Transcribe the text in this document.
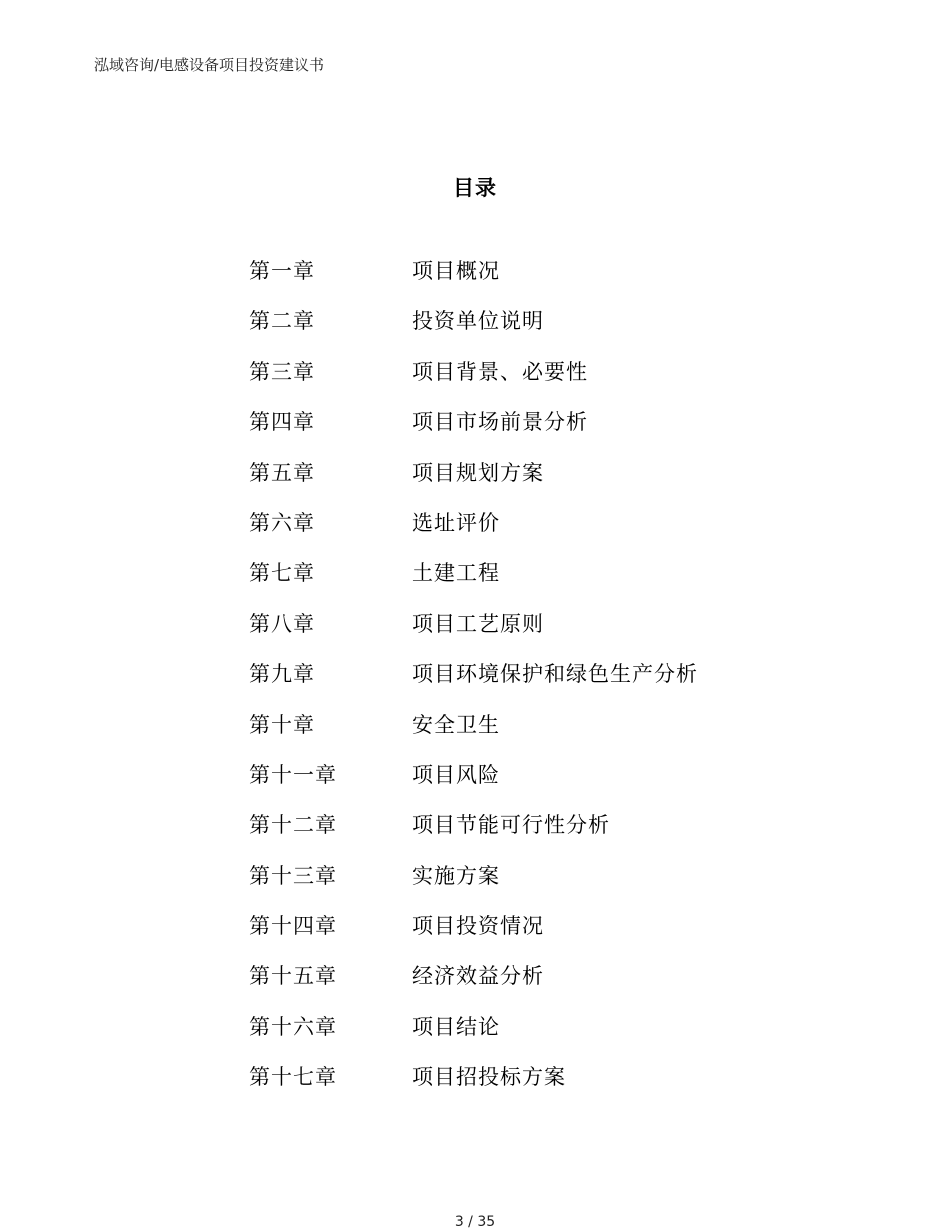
泓域咨询/电感设备项目投资建议书
目录
第一章	项目概况
第二章	投资单位说明
第三章	项目背景、必要性
第四章	项目市场前景分析
第五章	项目规划方案
第六章	选址评价
第七章	土建工程
第八章	项目工艺原则
第九章	项目环境保护和绿色生产分析
第十章	安全卫生
第十一章	项目风险
第十二章	项目节能可行性分析
第十三章	实施方案
第十四章	项目投资情况
第十五章	经济效益分析
第十六章	项目结论
第十七章	项目招投标方案
3 / 35
